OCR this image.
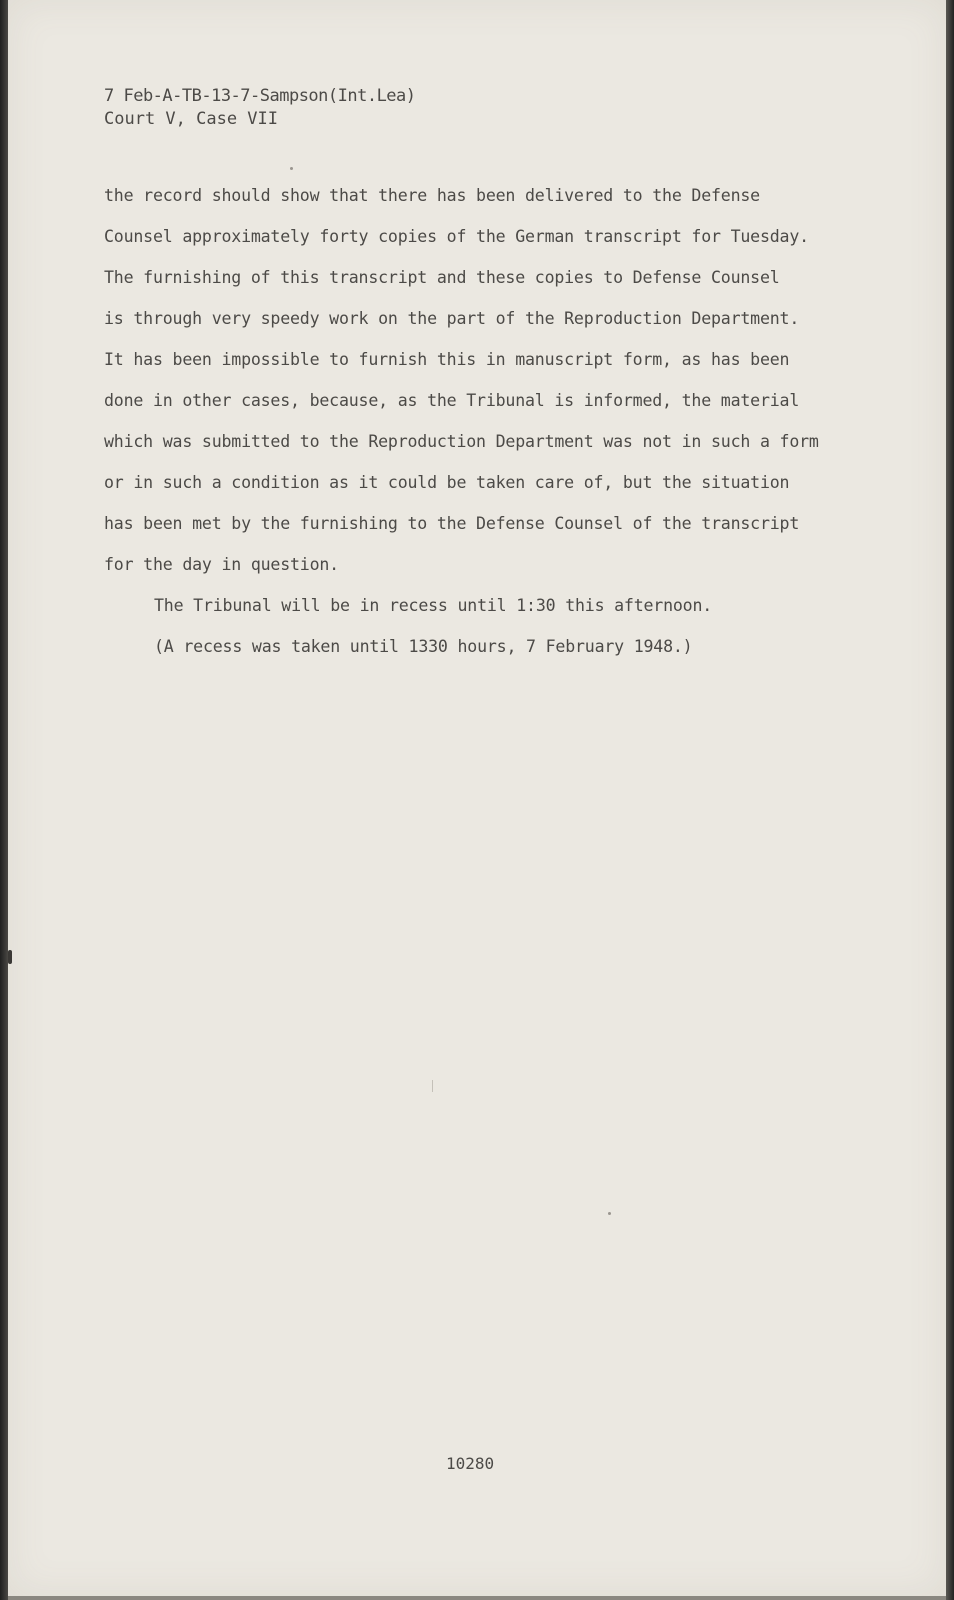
7 Feb-A-TB-13-7-Sampson(Int.Lea)
Court V, Case VII
the record should show that there has been delivered to the Defense
Counsel approximately forty copies of the German transcript for Tuesday.
The furnishing of this transcript and these copies to Defense Counsel
is through very speedy work on the part of the Reproduction Department.
It has been impossible to furnish this in manuscript form, as has been
done in other cases, because, as the Tribunal is informed, the material
which was submitted to the Reproduction Department was not in such a form
or in such a condition as it could be taken care of, but the situation
has been met by the furnishing to the Defense Counsel of the transcript
for the day in question.
The Tribunal will be in recess until 1:30 this afternoon.
(A recess was taken until 1330 hours, 7 February 1948.)
10280
